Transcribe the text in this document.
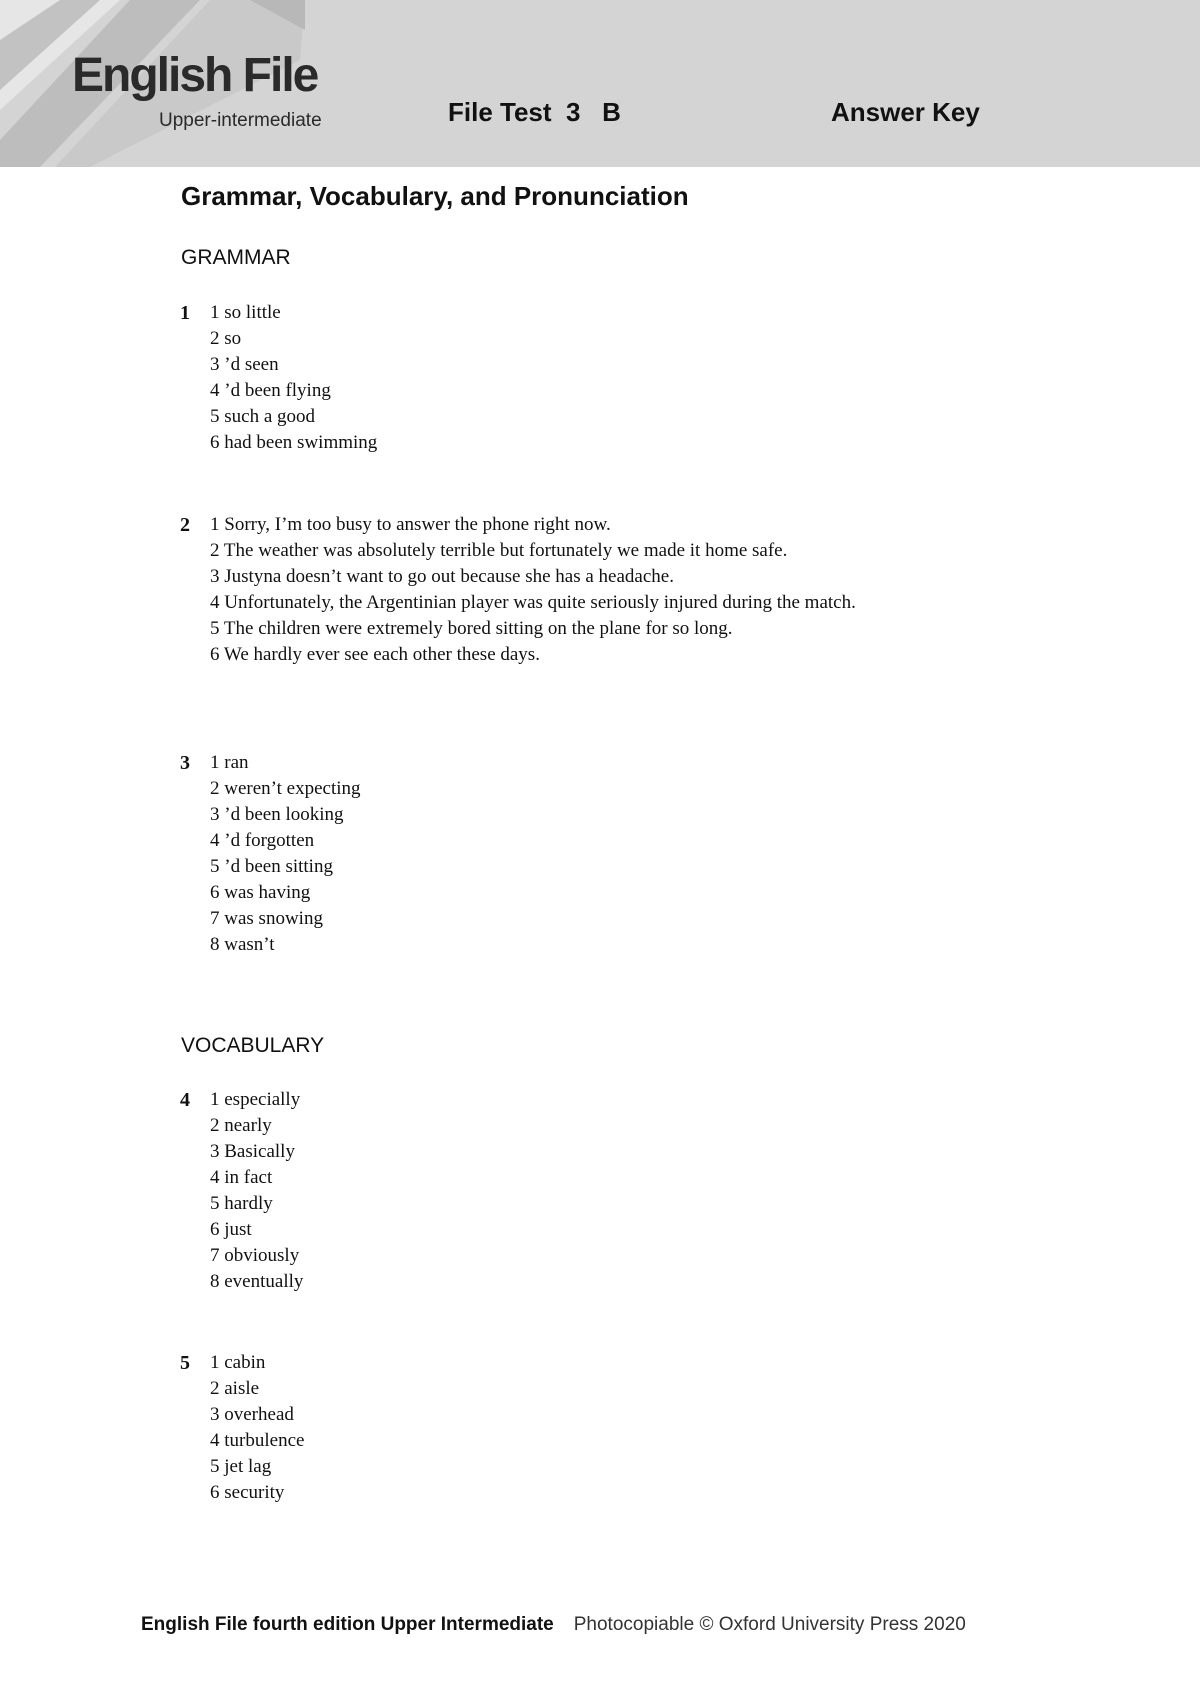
English File
Upper-intermediate	File Test  3   B	Answer Key
Grammar, Vocabulary, and Pronunciation
GRAMMAR
1 1 so little
2 so
3 ’d seen
4 ’d been flying
5 such a good
6 had been swimming
2 1 Sorry, I’m too busy to answer the phone right now.
2 The weather was absolutely terrible but fortunately we made it home safe.
3 Justyna doesn’t want to go out because she has a headache.
4 Unfortunately, the Argentinian player was quite seriously injured during the match.
5 The children were extremely bored sitting on the plane for so long.
6 We hardly ever see each other these days.
3 1 ran
2 weren’t expecting
3 ’d been looking
4 ’d forgotten
5 ’d been sitting
6 was having
7 was snowing
8 wasn’t
VOCABULARY
4 1 especially
2 nearly
3 Basically
4 in fact
5 hardly
6 just
7 obviously
8 eventually
5 1 cabin
2 aisle
3 overhead
4 turbulence
5 jet lag
6 security
English File fourth edition Upper Intermediate Photocopiable © Oxford University Press 2020
